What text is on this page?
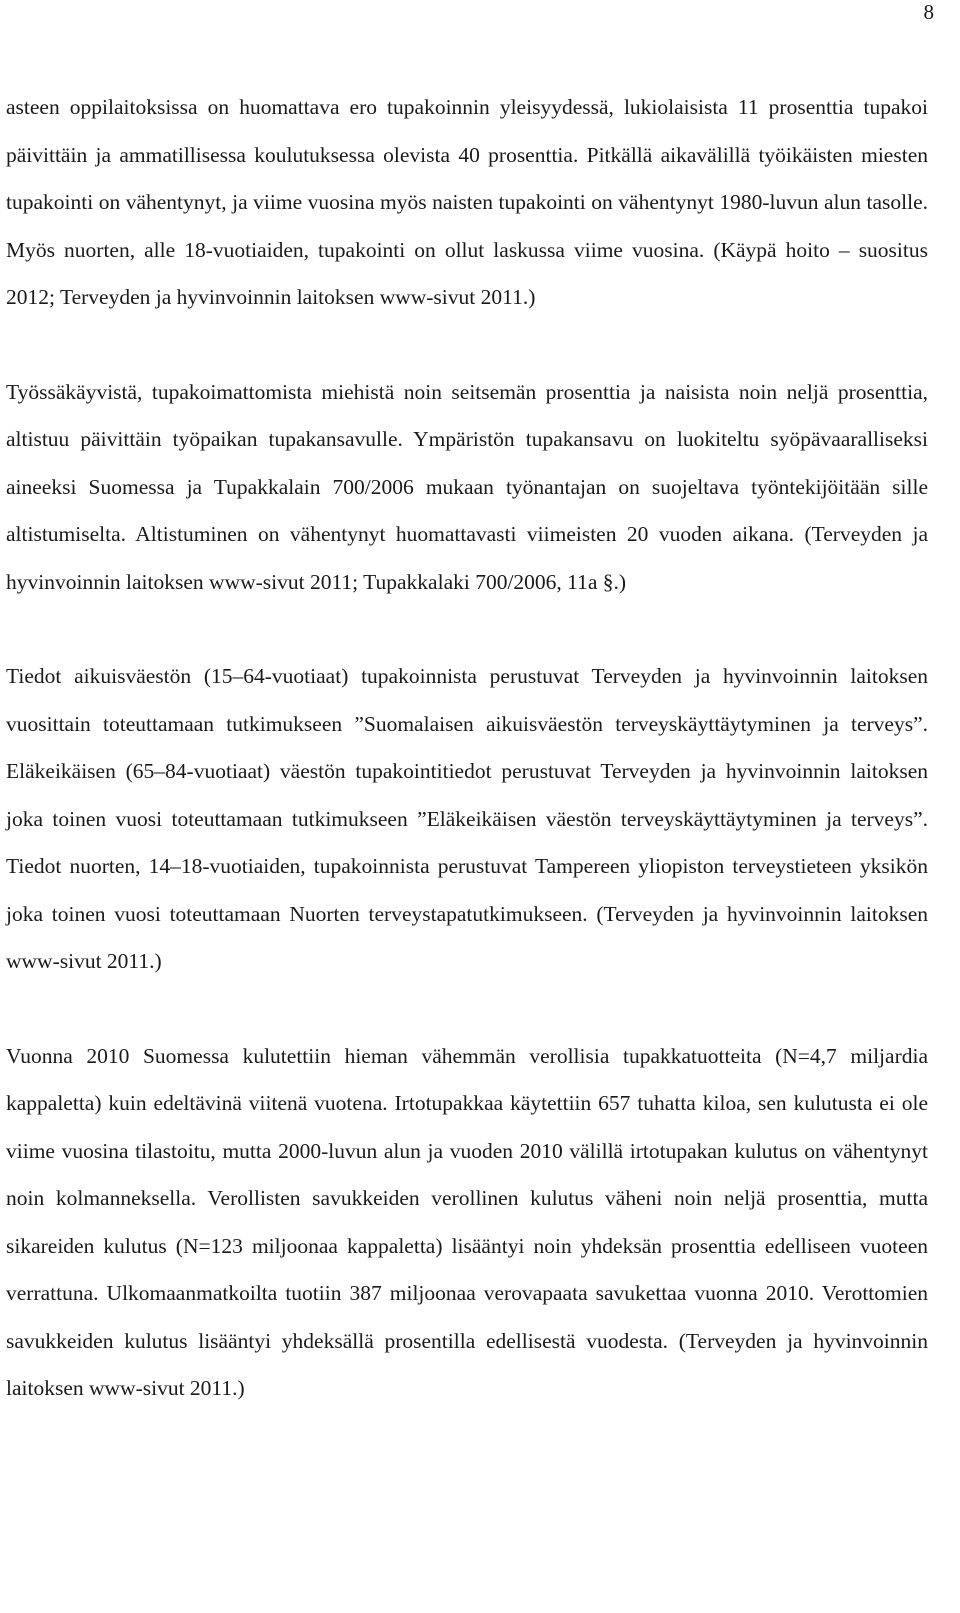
8

asteen oppilaitoksissa on huomattava ero tupakoinnin yleisyydessä, lukiolaisista 11 prosenttia tupakoi päivittäin ja ammatillisessa koulutuksessa olevista 40 prosenttia. Pitkällä aikavälillä työikäisten miesten tupakointi on vähentynyt, ja viime vuosina myös naisten tupakointi on vähentynyt 1980-luvun alun tasolle. Myös nuorten, alle 18-vuotiaiden, tupakointi on ollut laskussa viime vuosina. (Käypä hoito – suositus 2012; Terveyden ja hyvinvoinnin laitoksen www-sivut 2011.)

Työssäkäyvistä, tupakoimattomista miehistä noin seitsemän prosenttia ja naisista noin neljä prosenttia, altistuu päivittäin työpaikan tupakansavulle. Ympäristön tupakansavu on luokiteltu syöpävaaralliseksi aineeksi Suomessa ja Tupakkalain 700/2006 mukaan työnantajan on suojeltava työntekijöitään sille altistumiselta. Altistuminen on vähentynyt huomattavasti viimeisten 20 vuoden aikana. (Terveyden ja hyvinvoinnin laitoksen www-sivut 2011; Tupakkalaki 700/2006, 11a §.)

Tiedot aikuisväestön (15–64-vuotiaat) tupakoinnista perustuvat Terveyden ja hyvinvoinnin laitoksen vuosittain toteuttamaan tutkimukseen ”Suomalaisen aikuisväestön terveyskäyttäytyminen ja terveys”. Eläkeikäisen (65–84-vuotiaat) väestön tupakointitiedot perustuvat Terveyden ja hyvinvoinnin laitoksen joka toinen vuosi toteuttamaan tutkimukseen ”Eläkeikäisen väestön terveyskäyttäytyminen ja terveys”. Tiedot nuorten, 14–18-vuotiaiden, tupakoinnista perustuvat Tampereen yliopiston terveystieteen yksikön joka toinen vuosi toteuttamaan Nuorten terveystapatutkimukseen. (Terveyden ja hyvinvoinnin laitoksen www-sivut 2011.)

Vuonna 2010 Suomessa kulutettiin hieman vähemmän verollisia tupakkatuotteita (N=4,7 miljardia kappaletta) kuin edeltävinä viitenä vuotena. Irtotupakkaa käytettiin 657 tuhatta kiloa, sen kulutusta ei ole viime vuosina tilastoitu, mutta 2000-luvun alun ja vuoden 2010 välillä irtotupakan kulutus on vähentynyt noin kolmanneksella. Verollisten savukkeiden verollinen kulutus väheni noin neljä prosenttia, mutta sikareiden kulutus (N=123 miljoonaa kappaletta) lisääntyi noin yhdeksän prosenttia edelliseen vuoteen verrattuna. Ulkomaanmatkoilta tuotiin 387 miljoonaa verovapaata savukettaa vuonna 2010. Verottomien savukkeiden kulutus lisääntyi yhdeksällä prosentilla edellisestä vuodesta. (Terveyden ja hyvinvoinnin laitoksen www-sivut 2011.)
